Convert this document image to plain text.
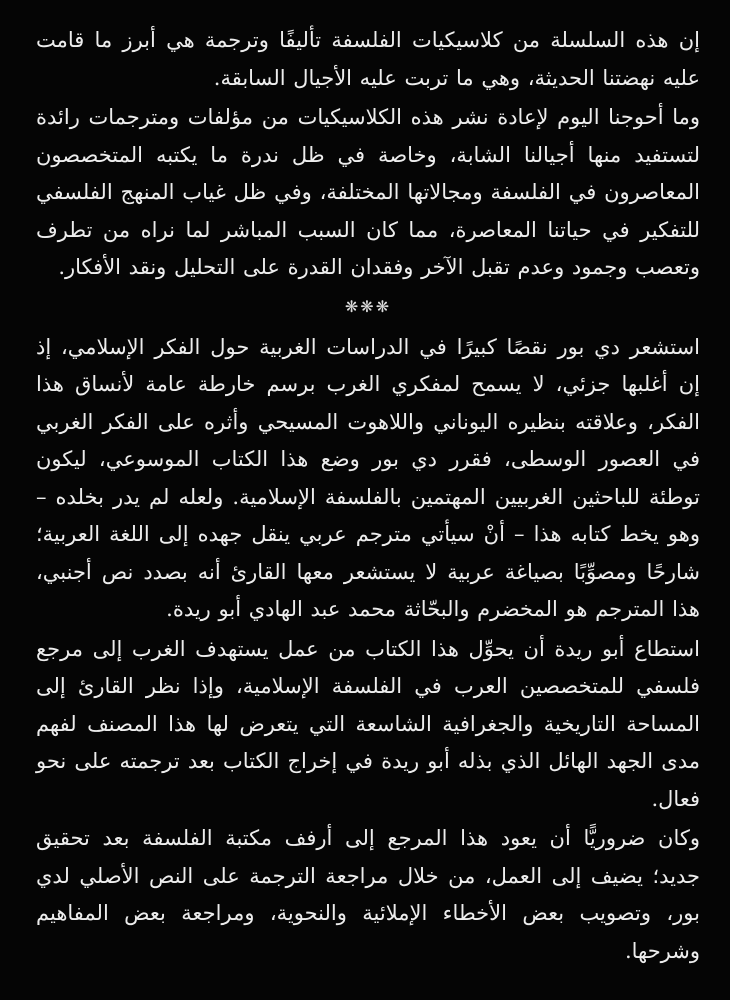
إن هذه السلسلة من كلاسيكيات الفلسفة تأليفًا وترجمة هي أبرز ما قامت عليه نهضتنا الحديثة، وهي ما تربت عليه الأجيال السابقة.

وما أحوجنا اليوم لإعادة نشر هذه الكلاسيكيات من مؤلفات ومترجمات رائدة لتستفيد منها أجيالنا الشابة، وخاصة في ظل ندرة ما يكتبه المتخصصون المعاصرون في الفلسفة ومجالاتها المختلفة، وفي ظل غياب المنهج الفلسفي للتفكير في حياتنا المعاصرة، مما كان السبب المباشر لما نراه من تطرف وتعصب وجمود وعدم تقبل الآخر وفقدان القدرة على التحليل ونقد الأفكار.

❋❋❋

استشعر دي بور نقصًا كبيرًا في الدراسات الغربية حول الفكر الإسلامي، إذ إن أغلبها جزئي، لا يسمح لمفكري الغرب برسم خارطة عامة لأنساق هذا الفكر، وعلاقته بنظيره اليوناني واللاهوت المسيحي وأثره على الفكر الغربي في العصور الوسطى، فقرر دي بور وضع هذا الكتاب الموسوعي، ليكون توطئة للباحثين الغربيين المهتمين بالفلسفة الإسلامية. ولعله لم يدر بخلده – وهو يخط كتابه هذا – أنْ سيأتي مترجم عربي ينقل جهده إلى اللغة العربية؛ شارحًا ومصوِّبًا بصياغة عربية لا يستشعر معها القارئ أنه بصدد نص أجنبي، هذا المترجم هو المخضرم والبحّاثة محمد عبد الهادي أبو ريدة.

استطاع أبو ريدة أن يحوِّل هذا الكتاب من عمل يستهدف الغرب إلى مرجع فلسفي للمتخصصين العرب في الفلسفة الإسلامية، وإذا نظر القارئ إلى المساحة التاريخية والجغرافية الشاسعة التي يتعرض لها هذا المصنف لفهم مدى الجهد الهائل الذي بذله أبو ريدة في إخراج الكتاب بعد ترجمته على نحو فعال.

وكان ضروريًّا أن يعود هذا المرجع إلى أرفف مكتبة الفلسفة بعد تحقيق جديد؛ يضيف إلى العمل، من خلال مراجعة الترجمة على النص الأصلي لدي بور، وتصويب بعض الأخطاء الإملائية والنحوية، ومراجعة بعض المفاهيم وشرحها.
